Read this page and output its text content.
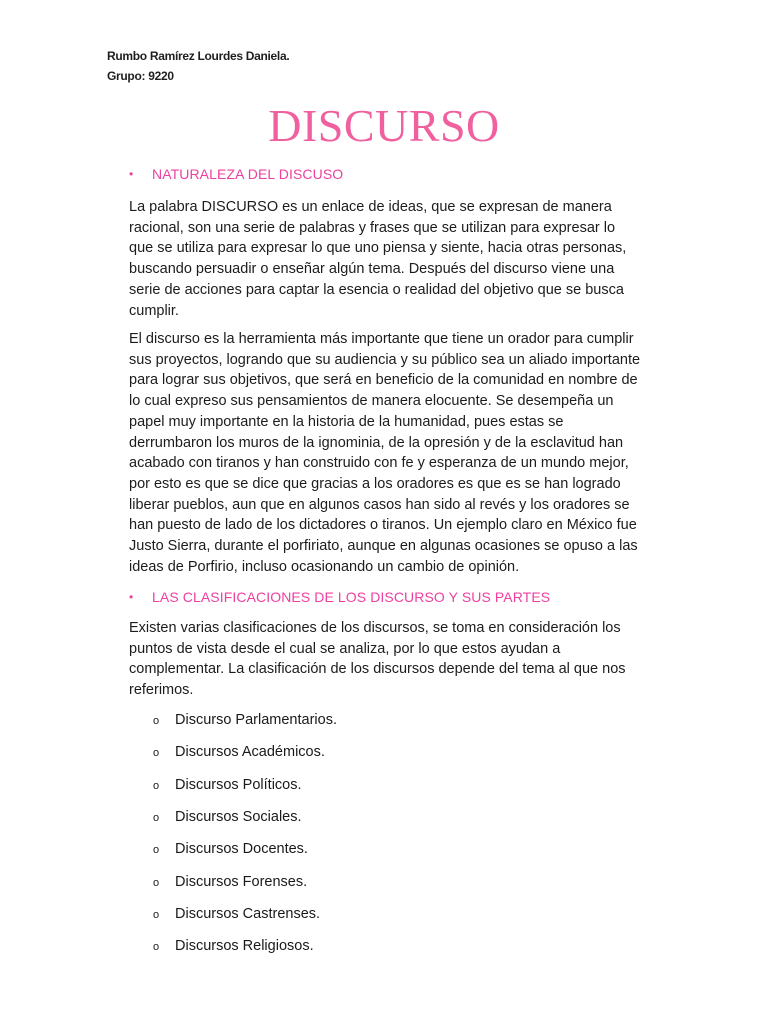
Rumbo Ramírez Lourdes Daniela.
Grupo: 9220
DISCURSO
• NATURALEZA DEL DISCUSO
La palabra DISCURSO es un enlace de ideas, que se expresan de manera
racional, son una serie de palabras y frases que se utilizan para expresar lo
que se utiliza para expresar lo que uno piensa y siente, hacia otras personas,
buscando persuadir o enseñar algún tema. Después del discurso viene una
serie de acciones para captar la esencia o realidad del objetivo que se busca
cumplir.
El discurso es la herramienta más importante que tiene un orador para cumplir
sus proyectos, logrando que su audiencia y su público sea un aliado importante
para lograr sus objetivos, que será en beneficio de la comunidad en nombre de
lo cual expreso sus pensamientos de manera elocuente. Se desempeña un
papel muy importante en la historia de la humanidad, pues estas se
derrumbaron los muros de la ignominia, de la opresión y de la esclavitud han
acabado con tiranos y han construido con fe y esperanza de un mundo mejor,
por esto es que se dice que gracias a los oradores es que es se han logrado
liberar pueblos, aun que en algunos casos han sido al revés y los oradores se
han puesto de lado de los dictadores o tiranos. Un ejemplo claro en México fue
Justo Sierra, durante el porfiriato, aunque en algunas ocasiones se opuso a las
ideas de Porfirio, incluso ocasionando un cambio de opinión.
• LAS CLASIFICACIONES DE LOS DISCURSO Y SUS PARTES
Existen varias clasificaciones de los discursos, se toma en consideración los
puntos de vista desde el cual se analiza, por lo que estos ayudan a
complementar. La clasificación de los discursos depende del tema al que nos
referimos.
o Discurso Parlamentarios.
o Discursos Académicos.
o Discursos Políticos.
o Discursos Sociales.
o Discursos Docentes.
o Discursos Forenses.
o Discursos Castrenses.
o Discursos Religiosos.
